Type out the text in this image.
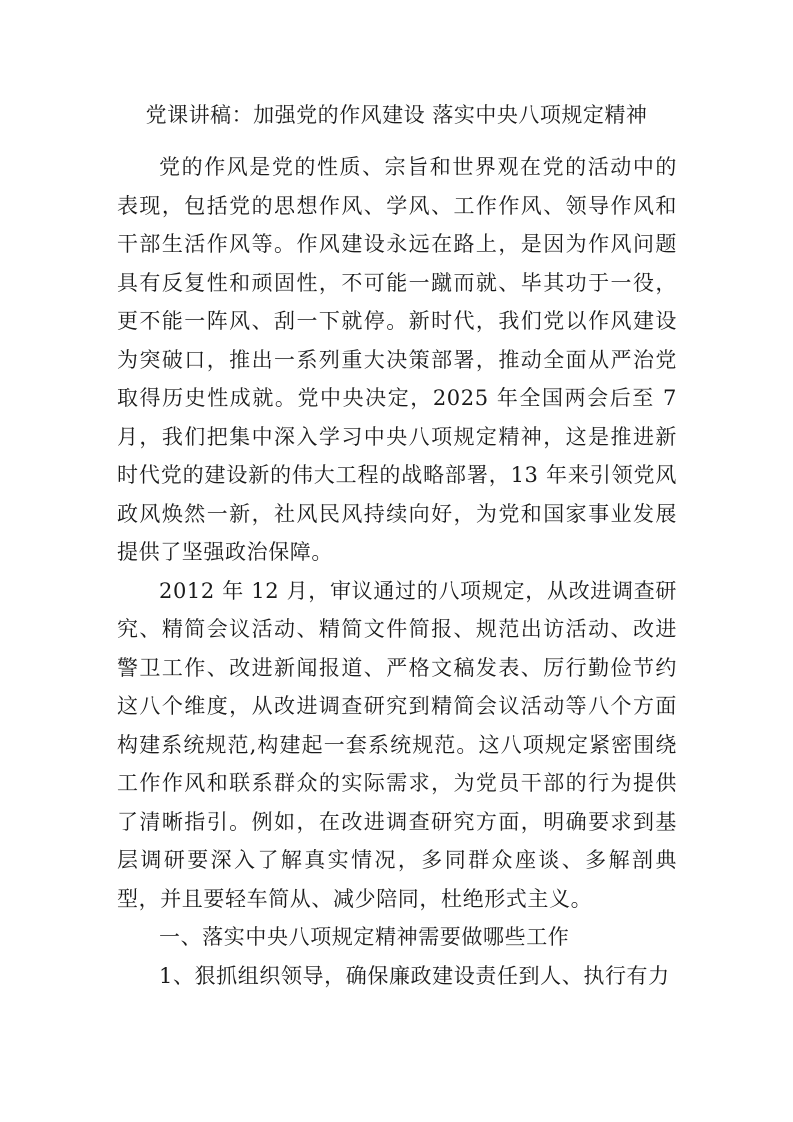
党课讲稿：加强党的作风建设 落实中央八项规定精神

党的作风是党的性质、宗旨和世界观在党的活动中的表现，包括党的思想作风、学风、工作作风、领导作风和干部生活作风等。作风建设永远在路上，是因为作风问题具有反复性和顽固性，不可能一蹴而就、毕其功于一役，更不能一阵风、刮一下就停。新时代，我们党以作风建设为突破口，推出一系列重大决策部署，推动全面从严治党取得历史性成就。党中央决定，2025 年全国两会后至 7 月，我们把集中深入学习中央八项规定精神，这是推进新时代党的建设新的伟大工程的战略部署，13 年来引领党风政风焕然一新，社风民风持续向好，为党和国家事业发展提供了坚强政治保障。

2012 年 12 月，审议通过的八项规定，从改进调查研究、精简会议活动、精简文件简报、规范出访活动、改进警卫工作、改进新闻报道、严格文稿发表、厉行勤俭节约这八个维度，从改进调查研究到精简会议活动等八个方面构建系统规范,构建起一套系统规范。这八项规定紧密围绕工作作风和联系群众的实际需求，为党员干部的行为提供了清晰指引。例如，在改进调查研究方面，明确要求到基层调研要深入了解真实情况，多同群众座谈、多解剖典型，并且要轻车简从、减少陪同，杜绝形式主义。

一、落实中央八项规定精神需要做哪些工作

1、狠抓组织领导，确保廉政建设责任到人、执行有力
